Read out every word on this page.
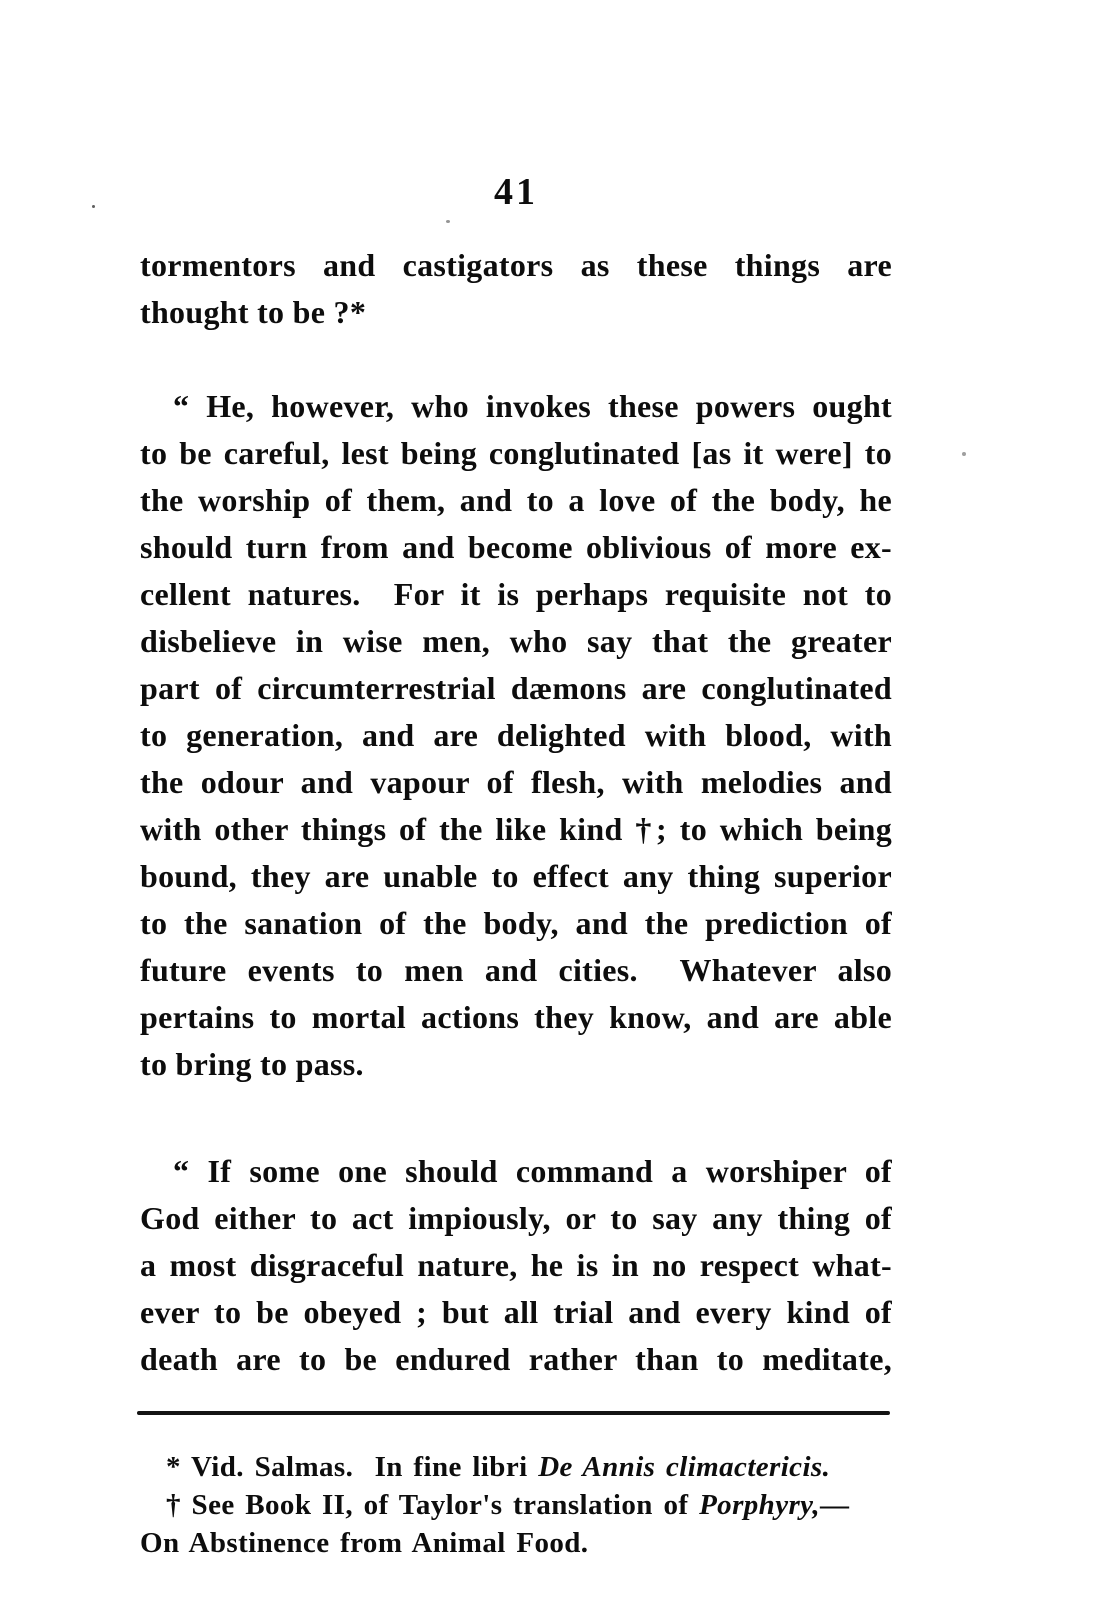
41
tormentors and castigators as these things are
thought to be ?*
“ He, however, who invokes these powers ought
to be careful, lest being conglutinated [as it were] to
the worship of them, and to a love of the body, he
should turn from and become oblivious of more ex-
cellent natures.  For it is perhaps requisite not to
disbelieve in wise men, who say that the greater
part of circumterrestrial dæmons are conglutinated
to generation, and are delighted with blood, with
the odour and vapour of flesh, with melodies and
with other things of the like kind †; to which being
bound, they are unable to effect any thing superior
to the sanation of the body, and the prediction of
future events to men and cities.  Whatever also
pertains to mortal actions they know, and are able
to bring to pass.
“ If some one should command a worshiper of
God either to act impiously, or to say any thing of
a most disgraceful nature, he is in no respect what-
ever to be obeyed ; but all trial and every kind of
death are to be endured rather than to meditate,
* Vid. Salmas.  In fine libri De Annis climactericis.
† See Book II, of Taylor's translation of Porphyry,—
On Abstinence from Animal Food.
